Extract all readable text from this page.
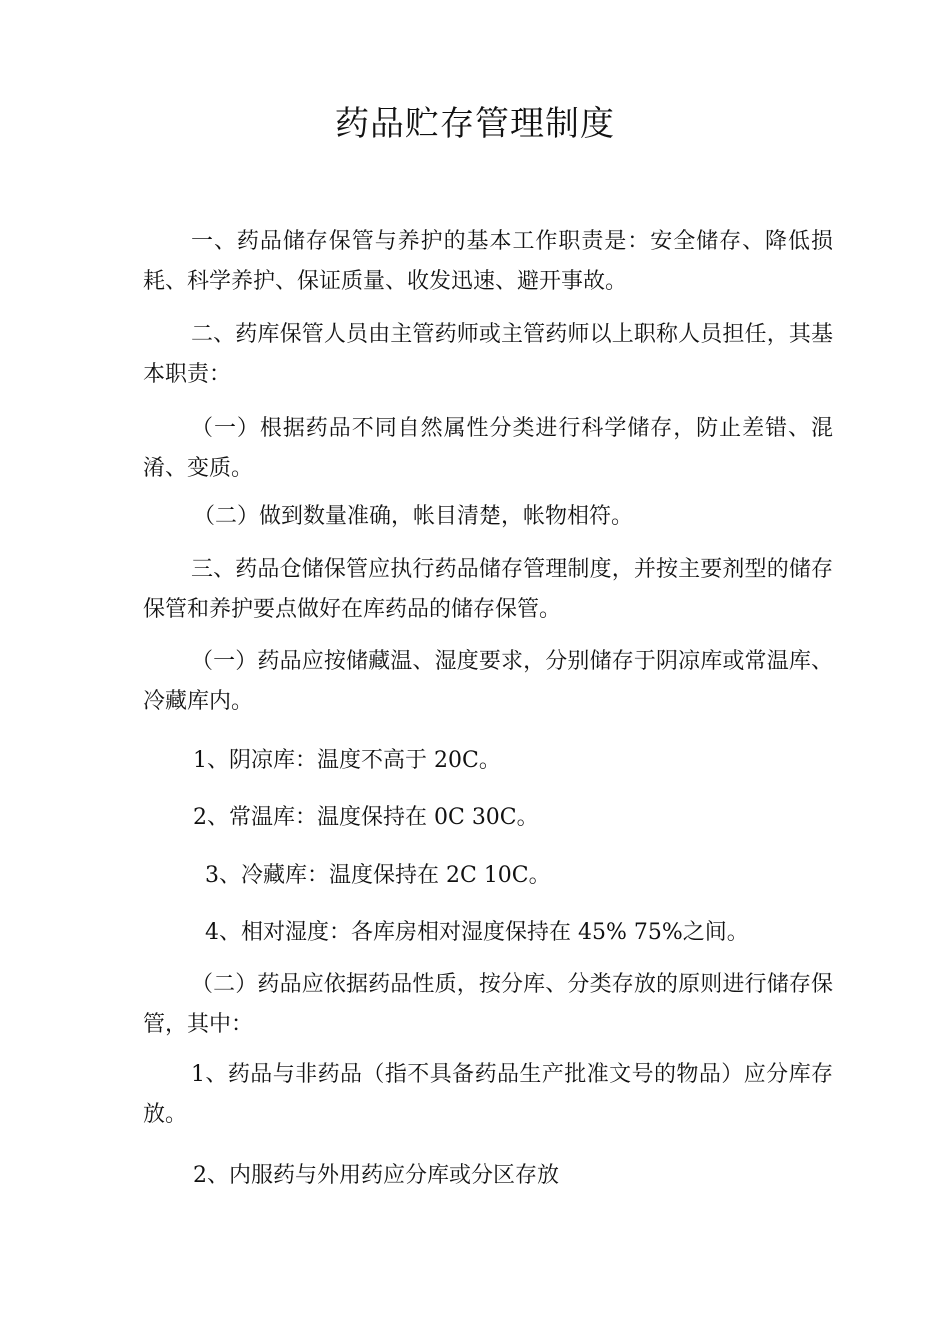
药品贮存管理制度
一、药品储存保管与养护的基本工作职责是：安全储存、降低损耗、科学养护、保证质量、收发迅速、避开事故。
二、药库保管人员由主管药师或主管药师以上职称人员担任，其基本职责：
（一）根据药品不同自然属性分类进行科学储存，防止差错、混淆、变质。
（二）做到数量准确，帐目清楚，帐物相符。
三、药品仓储保管应执行药品储存管理制度，并按主要剂型的储存保管和养护要点做好在库药品的储存保管。
（一）药品应按储藏温、湿度要求，分别储存于阴凉库或常温库、冷藏库内。
1、阴凉库：温度不高于 20C。
2、常温库：温度保持在 0C 30C。
3、冷藏库：温度保持在 2C 10C。
4、相对湿度：各库房相对湿度保持在 45% 75%之间。
（二）药品应依据药品性质，按分库、分类存放的原则进行储存保管，其中：
1、药品与非药品（指不具备药品生产批准文号的物品）应分库存放。
2、内服药与外用药应分库或分区存放
